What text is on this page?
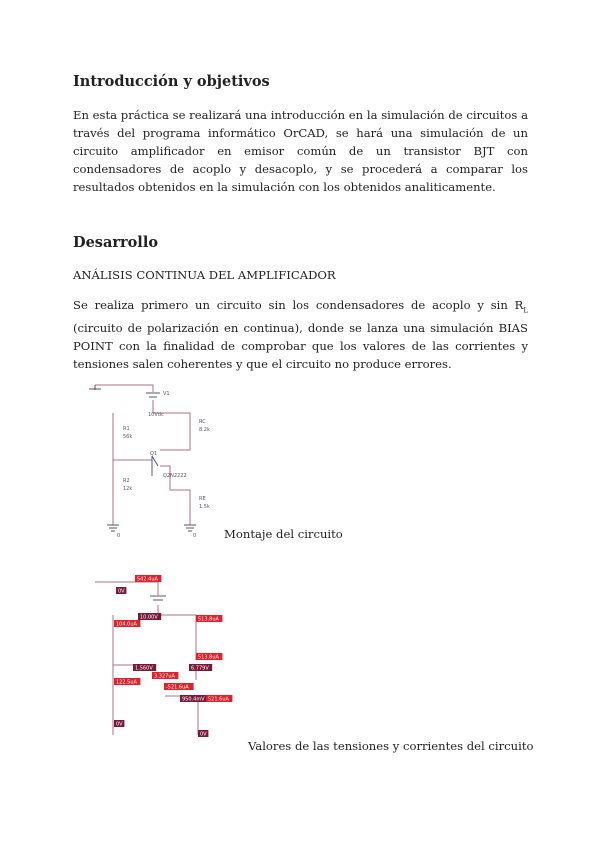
Introducción y objetivos
En esta práctica se realizará una introducción en la simulación de circuitos a través del programa informático OrCAD, se hará una simulación de un circuito amplificador en emisor común de un transistor BJT con condensadores de acoplo y desacoplo, y se procederá a comparar los resultados obtenidos en la simulación con los obtenidos analiticamente.
Desarrollo
ANÁLISIS CONTINUA DEL AMPLIFICADOR
Se realiza primero un circuito sin los condensadores de acoplo y $\sin R_L$ (circuito de polarización en continua), donde se lanza una simulación BIAS POINT con la finalidad de comprobar que los valores de las corrientes y tensiones salen coherentes y que el circuito no produce errores.
V1
10Vdc
R1
56k
RC
8.2k
R2
12k
RE
1.5k
Q1
Q2N2222
0	0 Montaje del circuito
542.4uA
0V
10.00V
104.0uA
1.560V
122.5uA
0V
513.8uA
513.8uA
6.779V
3.327uA
-521.6uA
950.4mV 521.6uA
0V
Valores de las tensiones y corrientes del circuito
